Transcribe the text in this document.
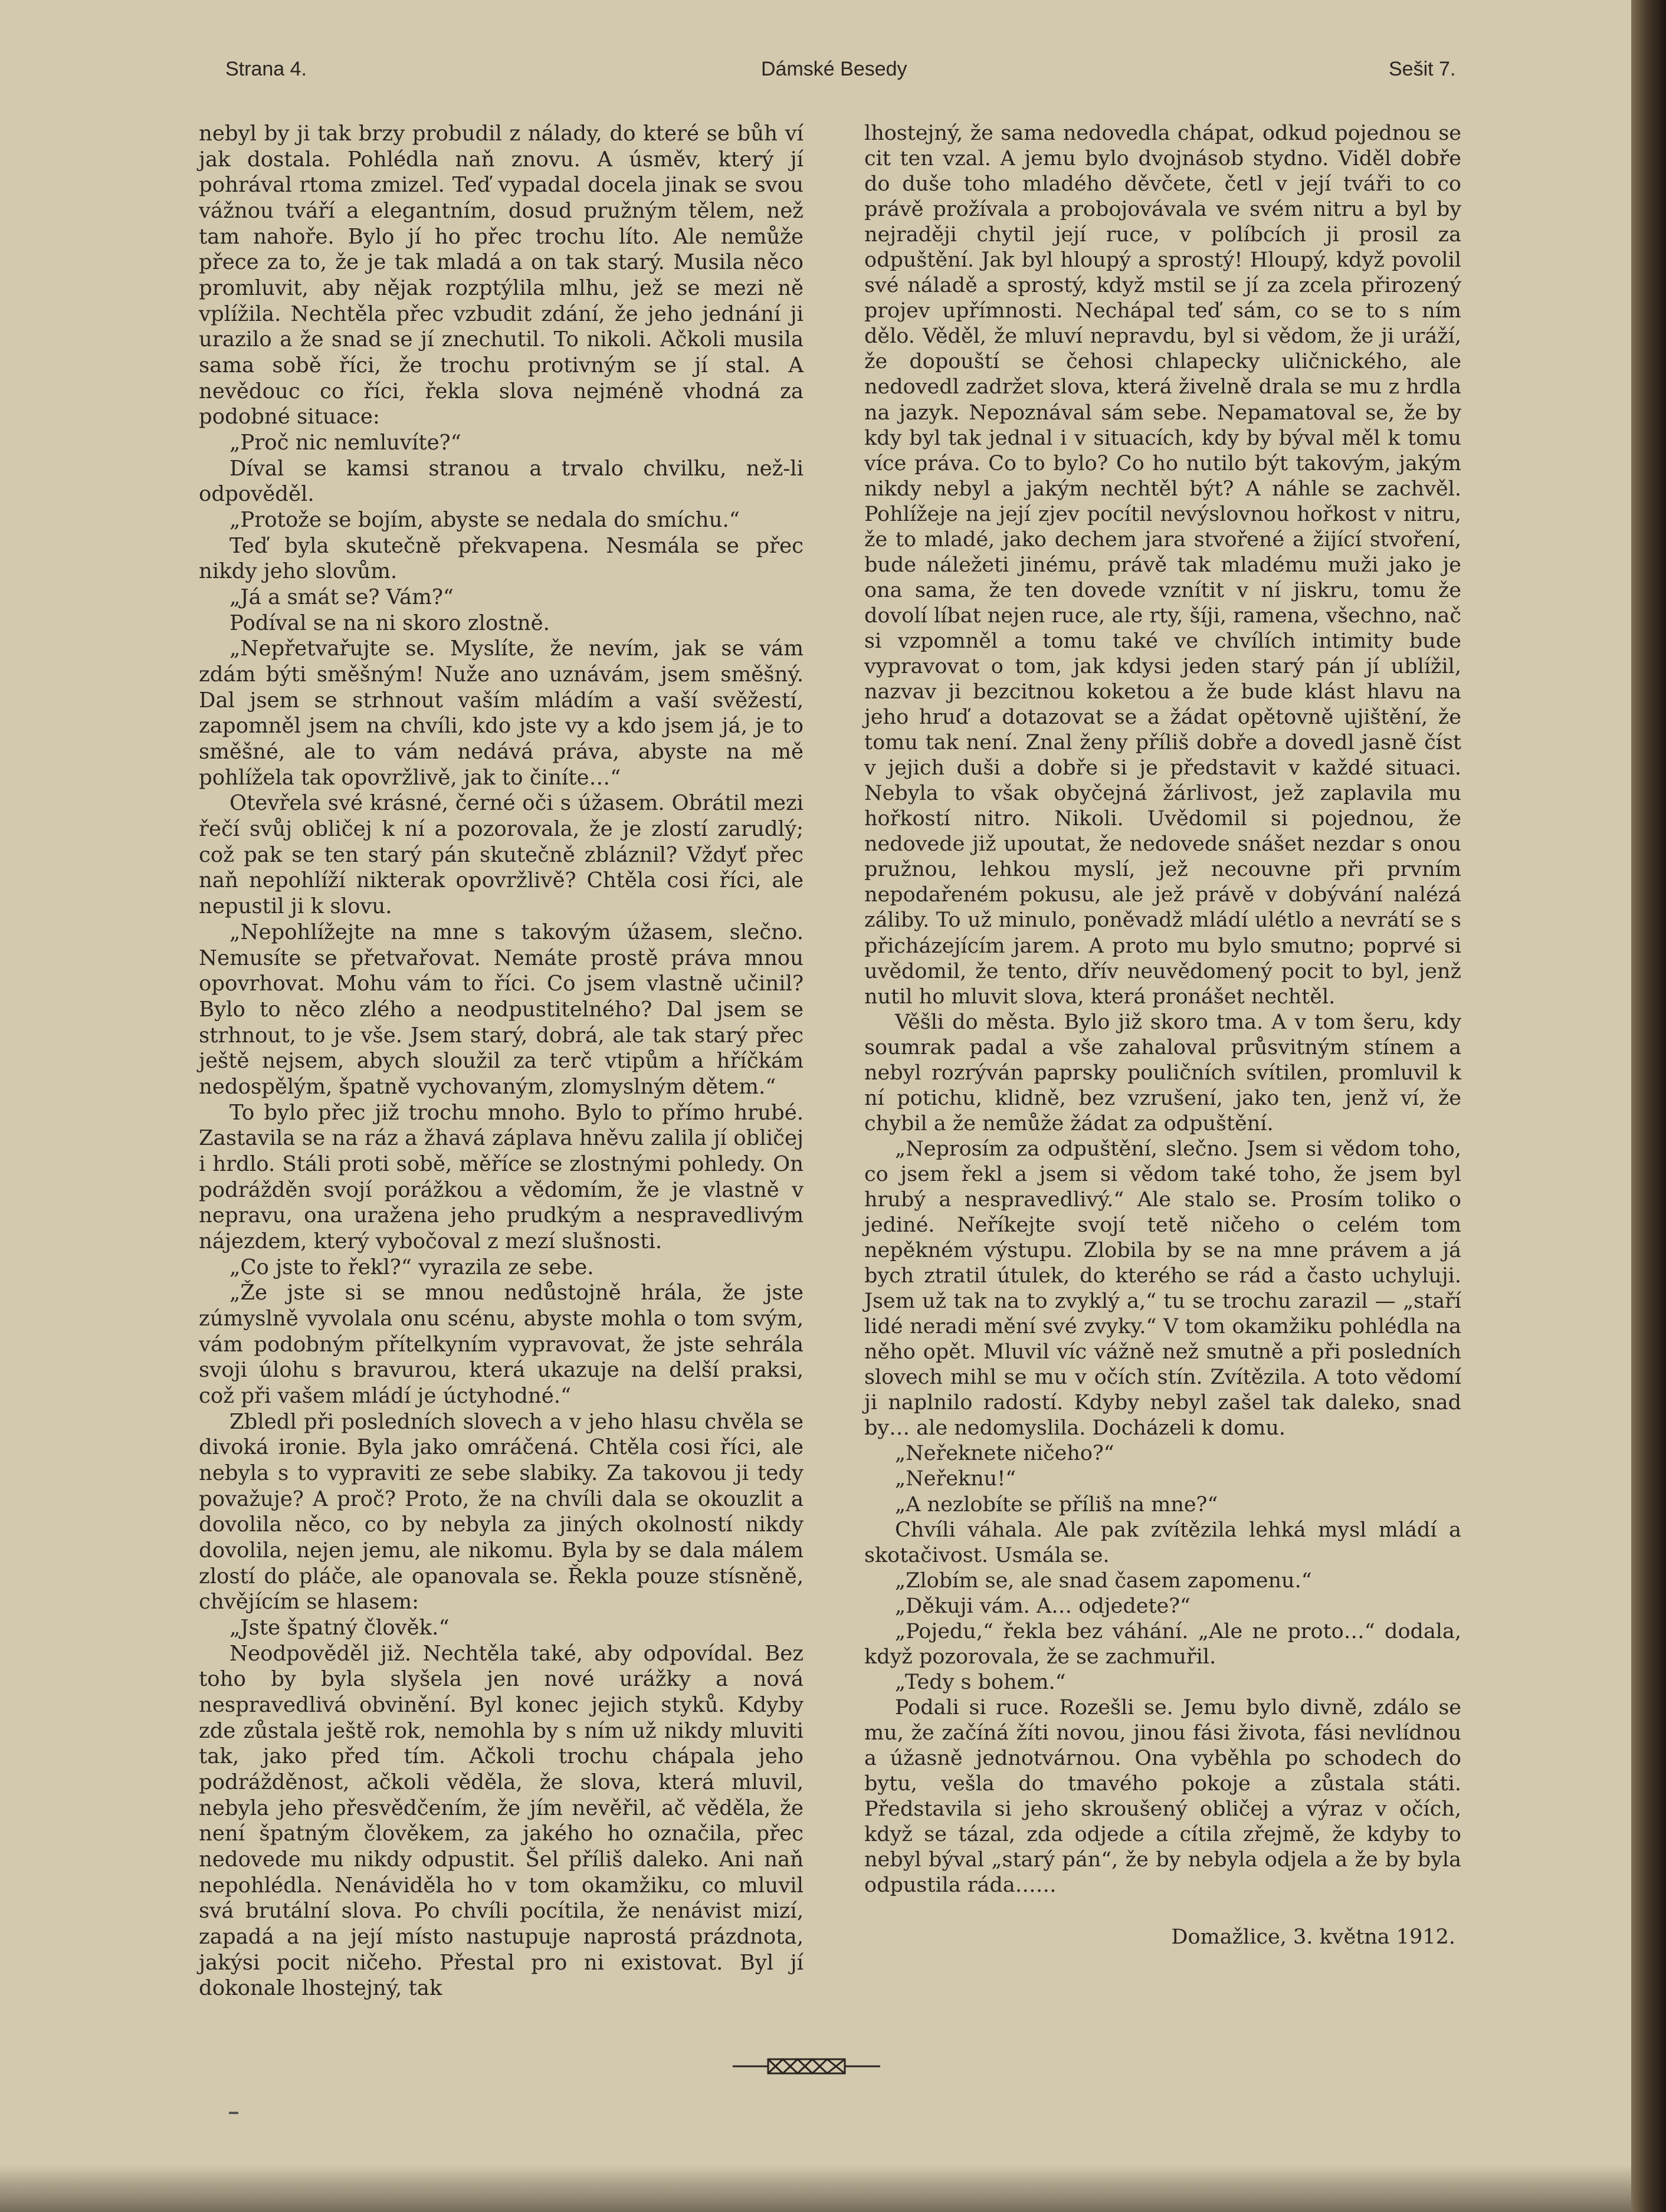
Strana 4.	Dámské Besedy	Sešit 7.

nebyl by ji tak brzy probudil z nálady, do které se bůh ví jak dostala. Pohlédla naň znovu. A úsměv, který jí pohrával rtoma zmizel. Teď vypadal docela jinak se svou vážnou tváří a elegantním, dosud pružným tělem, než tam nahoře. Bylo jí ho přec trochu líto. Ale nemůže přece za to, že je tak mladá a on tak starý. Musila něco promluvit, aby nějak rozptýlila mlhu, jež se mezi ně vplížila. Nechtěla přec vzbudit zdání, že jeho jednání ji urazilo a že snad se jí znechutil. To nikoli. Ačkoli musila sama sobě říci, že trochu protivným se jí stal. A nevědouc co říci, řekla slova nejméně vhodná za podobné situace:

„Proč nic nemluvíte?“

Díval se kamsi stranou a trvalo chvilku, než-li odpověděl.

„Protože se bojím, abyste se nedala do smíchu.“

Teď byla skutečně překvapena. Nesmála se přec nikdy jeho slovům.

„Já a smát se? Vám?“

Podíval se na ni skoro zlostně.

„Nepřetvařujte se. Myslíte, že nevím, jak se vám zdám býti směšným! Nuže ano uznávám, jsem směšný. Dal jsem se strhnout vaším mládím a vaší svěžestí, zapomněl jsem na chvíli, kdo jste vy a kdo jsem já, je to směšné, ale to vám nedává práva, abyste na mě pohlížela tak opovržlivě, jak to činíte…“

Otevřela své krásné, černé oči s úžasem. Obrátil mezi řečí svůj obličej k ní a pozorovala, že je zlostí zarudlý; což pak se ten starý pán skutečně zbláznil? Vždyť přec naň nepohlíží nikterak opovržlivě? Chtěla cosi říci, ale nepustil ji k slovu.

„Nepohlížejte na mne s takovým úžasem, slečno. Nemusíte se přetvařovat. Nemáte prostě práva mnou opovrhovat. Mohu vám to říci. Co jsem vlastně učinil? Bylo to něco zlého a neodpustitelného? Dal jsem se strhnout, to je vše. Jsem starý, dobrá, ale tak starý přec ještě nejsem, abych sloužil za terč vtipům a hříčkám nedospělým, špatně vychovaným, zlomyslným dětem.“

To bylo přec již trochu mnoho. Bylo to přímo hrubé. Zastavila se na ráz a žhavá záplava hněvu zalila jí obličej i hrdlo. Stáli proti sobě, měříce se zlostnými pohledy. On podrážděn svojí porážkou a vědomím, že je vlastně v nepravu, ona uražena jeho prudkým a nespravedlivým nájezdem, který vybočoval z mezí slušnosti.

„Co jste to řekl?“ vyrazila ze sebe.

„Že jste si se mnou nedůstojně hrála, že jste zúmyslně vyvolala onu scénu, abyste mohla o tom svým, vám podobným přítelkyním vypravovat, že jste sehrála svoji úlohu s bravurou, která ukazuje na delší praksi, což při vašem mládí je úctyhodné.“

Zbledl při posledních slovech a v jeho hlasu chvěla se divoká ironie. Byla jako omráčená. Chtěla cosi říci, ale nebyla s to vypraviti ze sebe slabiky. Za takovou ji tedy považuje? A proč? Proto, že na chvíli dala se okouzlit a dovolila něco, co by nebyla za jiných okolností nikdy dovolila, nejen jemu, ale nikomu. Byla by se dala málem zlostí do pláče, ale opanovala se. Řekla pouze stísněně, chvějícím se hlasem:

„Jste špatný člověk.“

Neodpověděl již. Nechtěla také, aby odpovídal. Bez toho by byla slyšela jen nové urážky a nová nespravedlivá obvinění. Byl konec jejich styků. Kdyby zde zůstala ještě rok, nemohla by s ním už nikdy mluviti tak, jako před tím. Ačkoli trochu chápala jeho podrážděnost, ačkoli věděla, že slova, která mluvil, nebyla jeho přesvědčením, že jím nevěřil, ač věděla, že není špatným člověkem, za jakého ho označila, přec nedovede mu nikdy odpustit. Šel příliš daleko. Ani naň nepohlédla. Nenáviděla ho v tom okamžiku, co mluvil svá brutální slova. Po chvíli pocítila, že nenávist mizí, zapadá a na její místo nastupuje naprostá prázdnota, jakýsi pocit ničeho. Přestal pro ni existovat. Byl jí dokonale lhostejný, tak

lhostejný, že sama nedovedla chápat, odkud pojednou se cit ten vzal. A jemu bylo dvojnásob stydno. Viděl dobře do duše toho mladého děvčete, četl v její tváři to co právě prožívala a probojovávala ve svém nitru a byl by nejraději chytil její ruce, v políbcích ji prosil za odpuštění. Jak byl hloupý a sprostý! Hloupý, když povolil své náladě a sprostý, když mstil se jí za zcela přirozený projev upřímnosti. Nechápal teď sám, co se to s ním dělo. Věděl, že mluví nepravdu, byl si vědom, že ji uráží, že dopouští se čehosi chlapecky uličnického, ale nedovedl zadržet slova, která živelně drala se mu z hrdla na jazyk. Nepoznával sám sebe. Nepamatoval se, že by kdy byl tak jednal i v situacích, kdy by býval měl k tomu více práva. Co to bylo? Co ho nutilo být takovým, jakým nikdy nebyl a jakým nechtěl být? A náhle se zachvěl. Pohlížeje na její zjev pocítil nevýslovnou hořkost v nitru, že to mladé, jako dechem jara stvořené a žijící stvoření, bude náležeti jinému, právě tak mladému muži jako je ona sama, že ten dovede vznítit v ní jiskru, tomu že dovolí líbat nejen ruce, ale rty, šíji, ramena, všechno, nač si vzpomněl a tomu také ve chvílích intimity bude vypravovat o tom, jak kdysi jeden starý pán jí ublížil, nazvav ji bezcitnou koketou a že bude klást hlavu na jeho hruď a dotazovat se a žádat opětovně ujištění, že tomu tak není. Znal ženy příliš dobře a dovedl jasně číst v jejich duši a dobře si je představit v každé situaci. Nebyla to však obyčejná žárlivost, jež zaplavila mu hořkostí nitro. Nikoli. Uvědomil si pojednou, že nedovede již upoutat, že nedovede snášet nezdar s onou pružnou, lehkou myslí, jež necouvne při prvním nepodařeném pokusu, ale jež právě v dobývání nalézá záliby. To už minulo, poněvadž mládí ulétlo a nevrátí se s přicházejícím jarem. A proto mu bylo smutno; poprvé si uvědomil, že tento, dřív neuvědomený pocit to byl, jenž nutil ho mluvit slova, která pronášet nechtěl.

Věšli do města. Bylo již skoro tma. A v tom šeru, kdy soumrak padal a vše zahaloval průsvitným stínem a nebyl rozrýván paprsky pouličních svítilen, promluvil k ní potichu, klidně, bez vzrušení, jako ten, jenž ví, že chybil a že nemůže žádat za odpuštění.

„Neprosím za odpuštění, slečno. Jsem si vědom toho, co jsem řekl a jsem si vědom také toho, že jsem byl hrubý a nespravedlivý.“ Ale stalo se. Prosím toliko o jediné. Neříkejte svojí tetě ničeho o celém tom nepěkném výstupu. Zlobila by se na mne právem a já bych ztratil útulek, do kterého se rád a často uchyluji. Jsem už tak na to zvyklý a,“ tu se trochu zarazil — „staří lidé neradi mění své zvyky.“ V tom okamžiku pohlédla na něho opět. Mluvil víc vážně než smutně a při posledních slovech mihl se mu v očích stín. Zvítězila. A toto vědomí ji naplnilo radostí. Kdyby nebyl zašel tak daleko, snad by… ale nedomyslila. Docházeli k domu.

„Neřeknete ničeho?“

„Neřeknu!“

„A nezlobíte se příliš na mne?“

Chvíli váhala. Ale pak zvítězila lehká mysl mládí a skotačivost. Usmála se.

„Zlobím se, ale snad časem zapomenu.“

„Děkuji vám. A… odjedete?“

„Pojedu,“ řekla bez váhání. „Ale ne proto…“ dodala, když pozorovala, že se zachmuřil.

„Tedy s bohem.“

Podali si ruce. Rozešli se. Jemu bylo divně, zdálo se mu, že začíná žíti novou, jinou fási života, fási nevlídnou a úžasně jednotvárnou. Ona vyběhla po schodech do bytu, vešla do tmavého pokoje a zůstala státi. Představila si jeho skroušený obličej a výraz v očích, když se tázal, zda odjede a cítila zřejmě, že kdyby to nebyl býval „starý pán“, že by nebyla odjela a že by byla odpustila ráda……

Domažlice, 3. května 1912.
